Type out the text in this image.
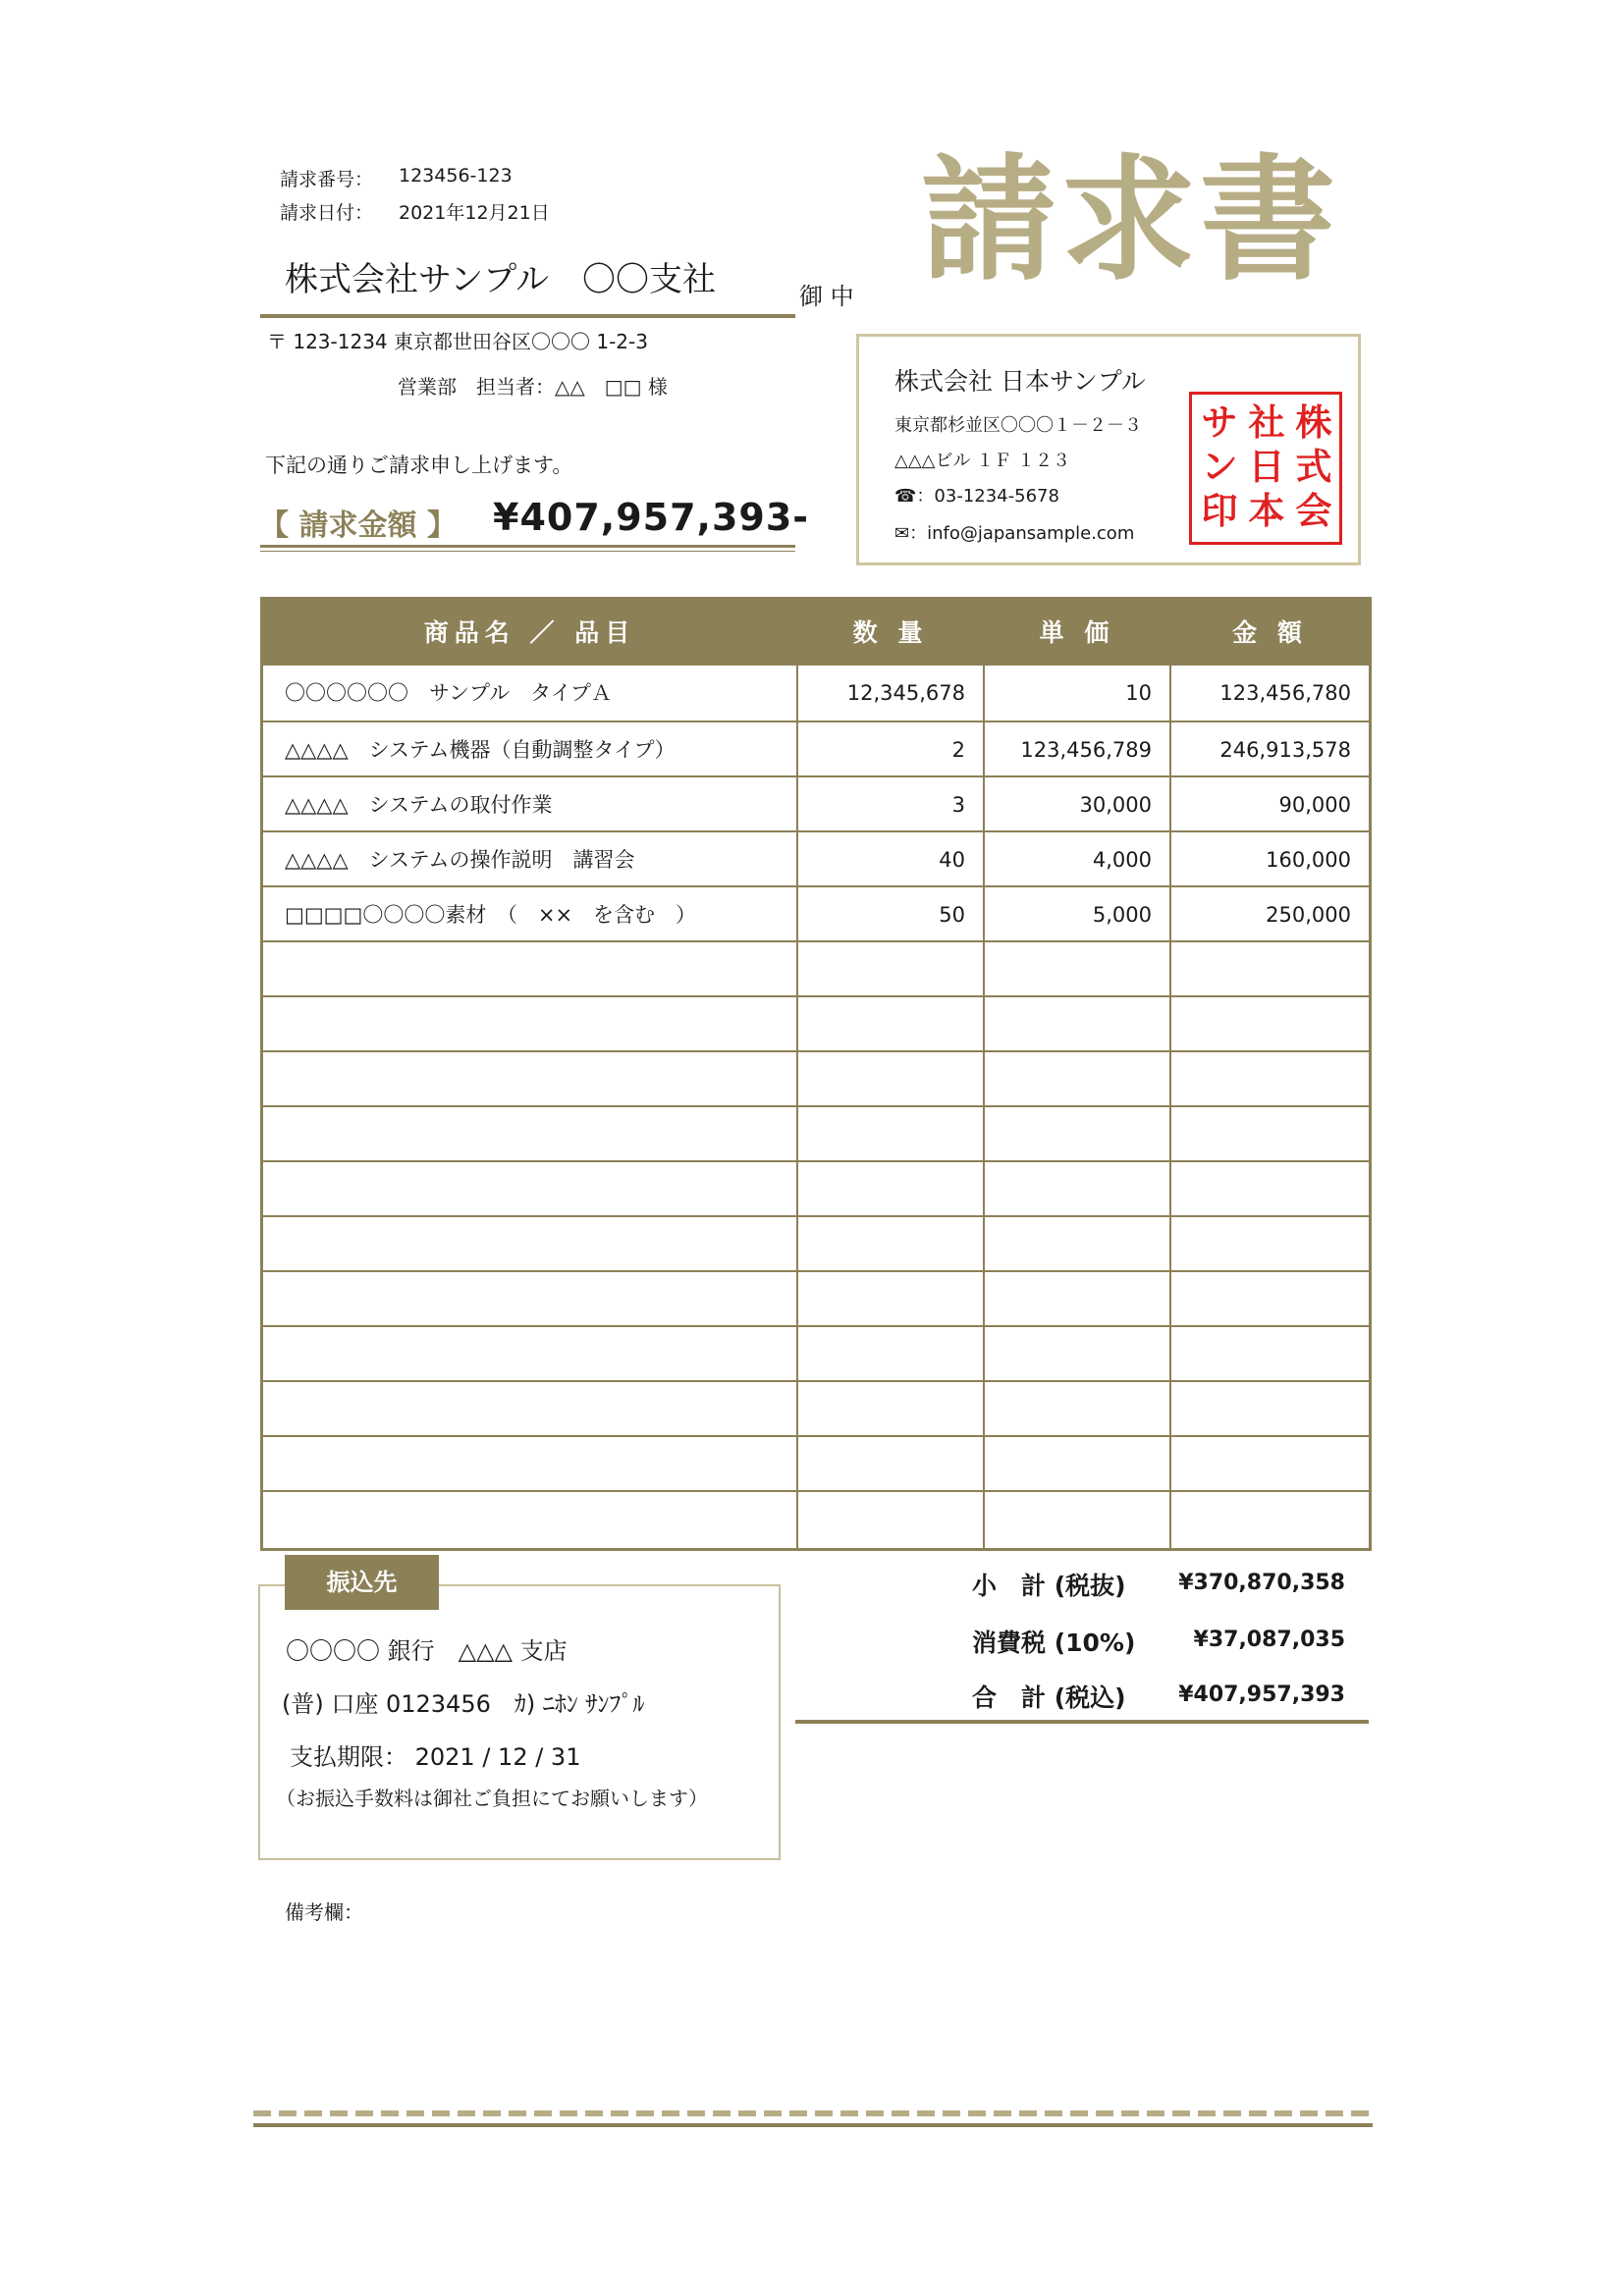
請求番号： 123456-123
請求日付： 2021年12月21日	請求書
株式会社サンプル　〇〇支社	御 中
〒 123-1234 東京都世田谷区〇〇〇 1-2-3
営業部　担当者：△△　□□ 様
下記の通りご請求申し上げます。
【 請求金額 】 ¥407,957,393-
株式会社 日本サンプル
東京都杉並区〇〇〇１－２－３
△△△ビル １Ｆ １２３
☎：03-1234-5678
✉：info@japansample.com
株
式
会
社
日
本
サ
ン
印
商品名 ／ 品目	数 量	単 価	金 額
〇〇〇〇〇〇　サンプル　タイプＡ	12,345,678	10	123,456,780
△△△△　システム機器（自動調整タイプ）	2	123,456,789	246,913,578
△△△△　システムの取付作業	3	30,000	90,000
△△△△　システムの操作説明　講習会	40	4,000	160,000
□□□□〇〇〇〇素材　（　××　を含む　）	50	5,000	250,000
小　計 (税抜)	¥370,870,358
消費税 (10%)	¥37,087,035
合　計 (税込)	¥407,957,393
〇〇〇〇 銀行　△△△ 支店
(普) 口座 0123456　ｶ) ﾆﾎﾝ ｻﾝﾌﾟﾙ
支払期限： 2021 / 12 / 31
（お振込手数料は御社ご負担にてお願いします）
振込先
備考欄：
